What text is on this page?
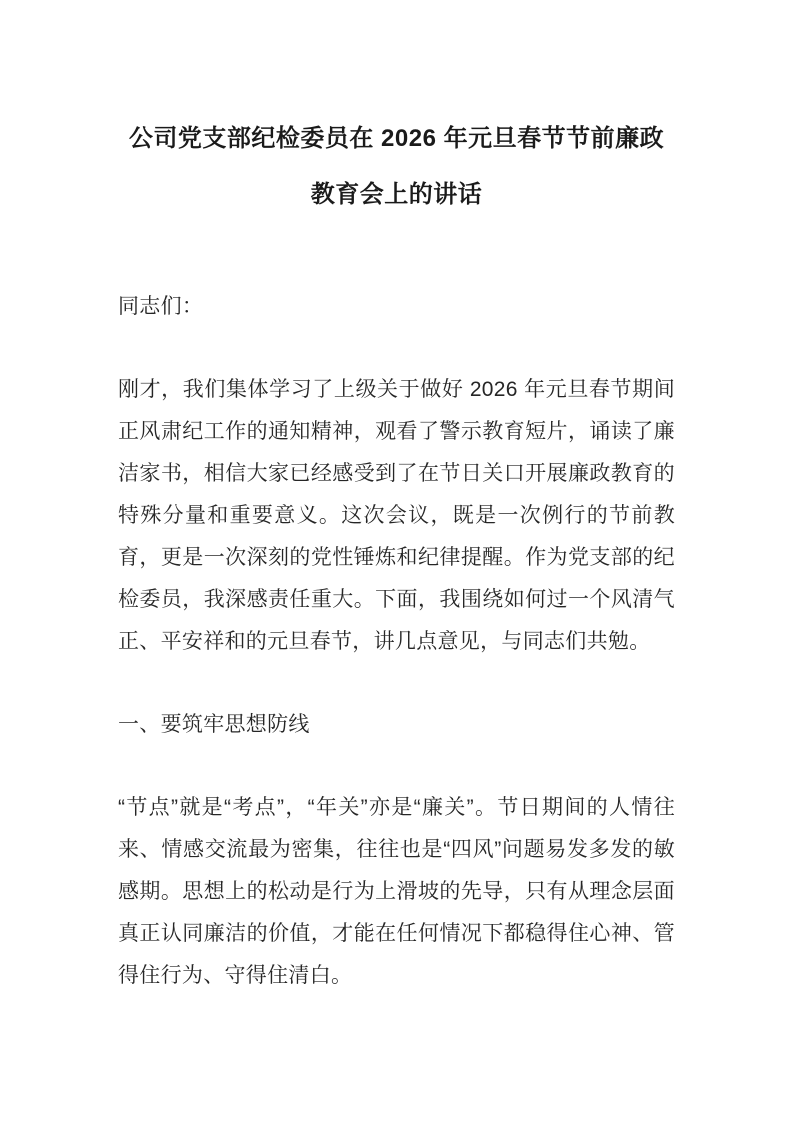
公司党支部纪检委员在 2026 年元旦春节节前廉政教育会上的讲话

同志们：

刚才，我们集体学习了上级关于做好 2026 年元旦春节期间正风肃纪工作的通知精神，观看了警示教育短片，诵读了廉洁家书，相信大家已经感受到了在节日关口开展廉政教育的特殊分量和重要意义。这次会议，既是一次例行的节前教育，更是一次深刻的党性锤炼和纪律提醒。作为党支部的纪检委员，我深感责任重大。下面，我围绕如何过一个风清气正、平安祥和的元旦春节，讲几点意见，与同志们共勉。

一、要筑牢思想防线

“节点”就是“考点”，“年关”亦是“廉关”。节日期间的人情往来、情感交流最为密集，往往也是“四风”问题易发多发的敏感期。思想上的松动是行为上滑坡的先导，只有从理念层面真正认同廉洁的价值，才能在任何情况下都稳得住心神、管得住行为、守得住清白。
